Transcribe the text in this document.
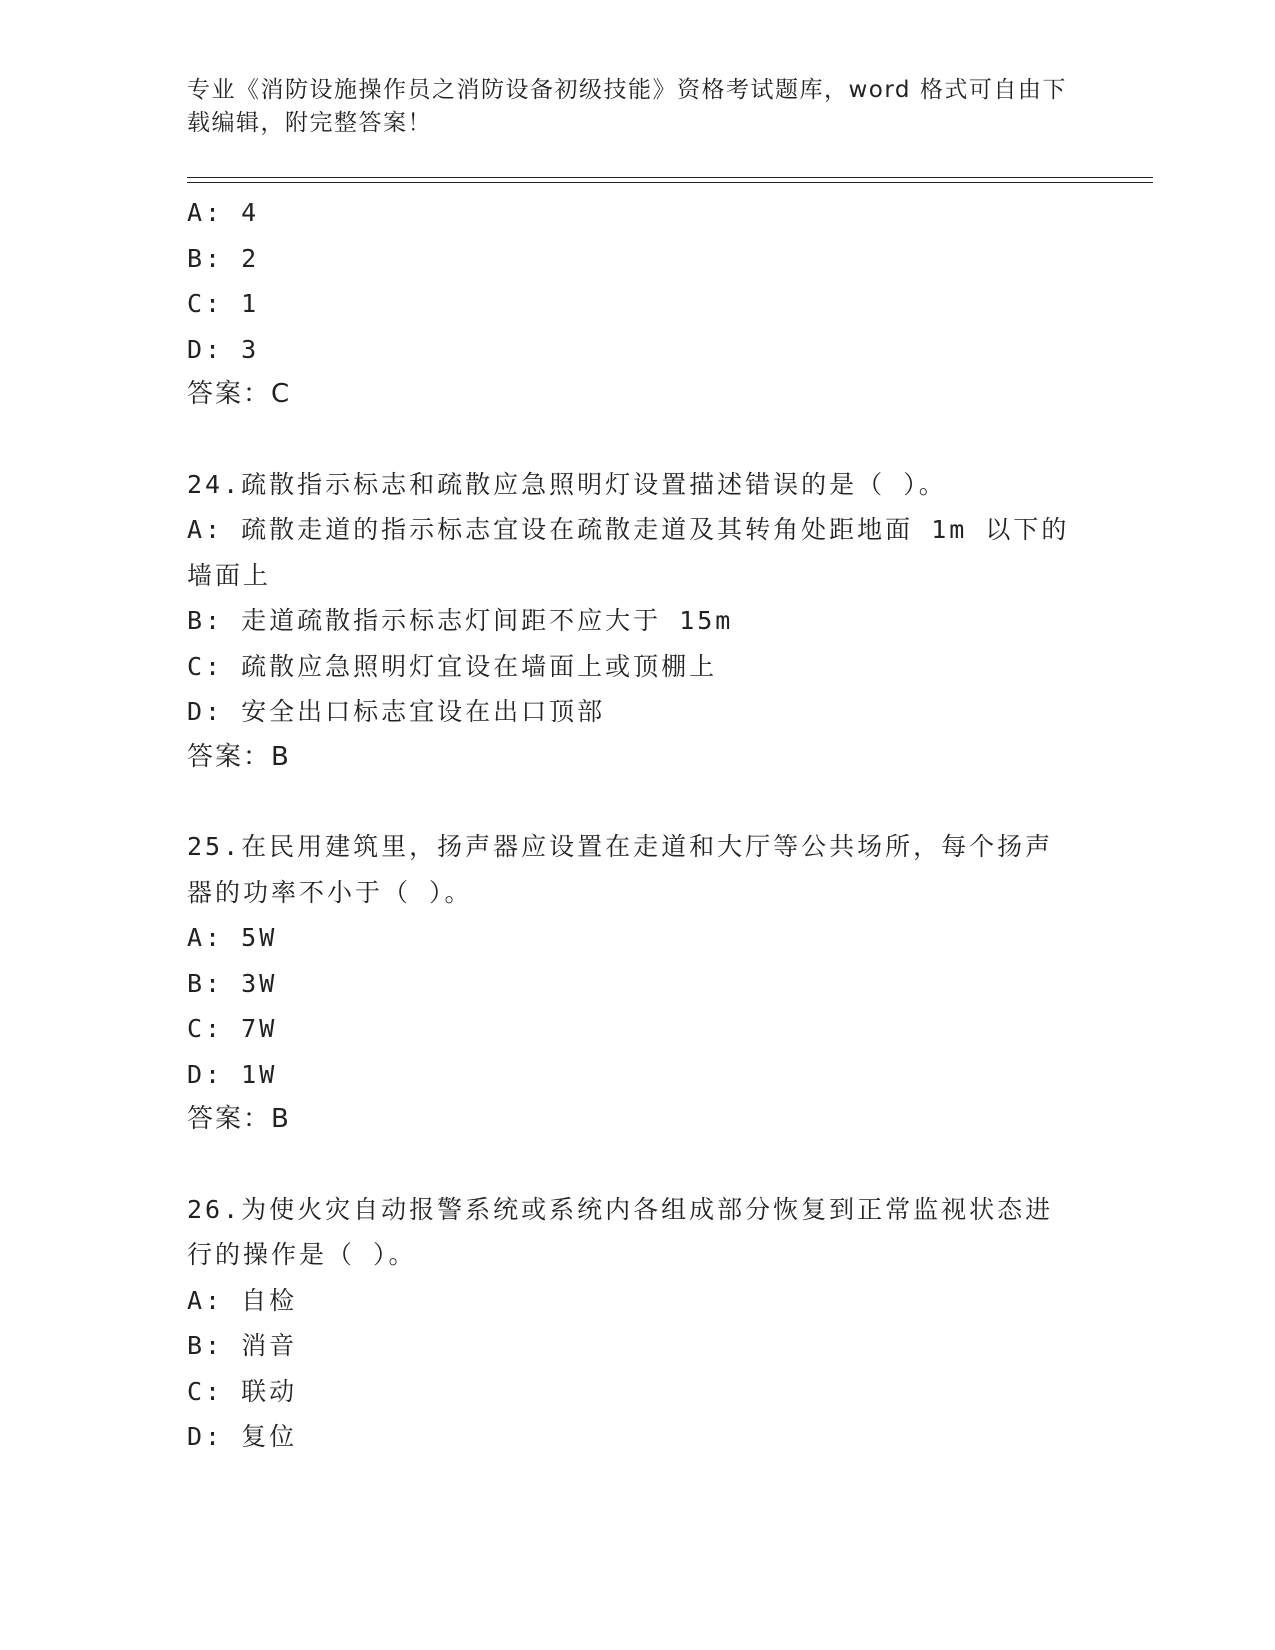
专业《消防设施操作员之消防设备初级技能》资格考试题库，word 格式可自由下
载编辑，附完整答案！

A: 4

B: 2

C: 1

D: 3

答案：C

24.疏散指示标志和疏散应急照明灯设置描述错误的是（ ）。

A: 疏散走道的指示标志宜设在疏散走道及其转角处距地面 1m 以下的

墙面上

B: 走道疏散指示标志灯间距不应大于 15m

C: 疏散应急照明灯宜设在墙面上或顶棚上

D: 安全出口标志宜设在出口顶部

答案：B

25.在民用建筑里，扬声器应设置在走道和大厅等公共场所，每个扬声

器的功率不小于（ ）。

A: 5W

B: 3W

C: 7W

D: 1W

答案：B

26.为使火灾自动报警系统或系统内各组成部分恢复到正常监视状态进

行的操作是（ ）。

A: 自检

B: 消音

C: 联动

D: 复位
